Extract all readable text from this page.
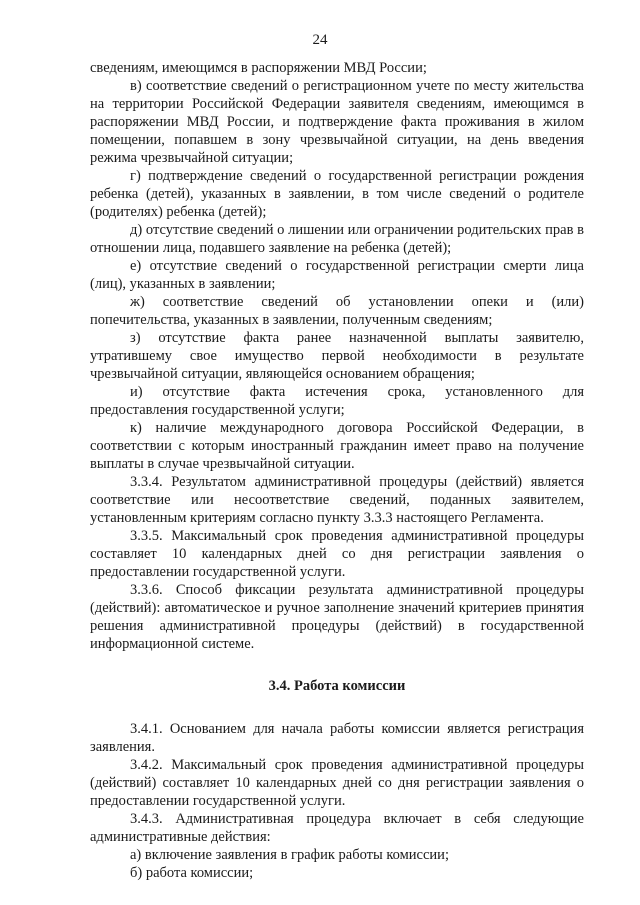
24

сведениям, имеющимся в распоряжении МВД России;

в) соответствие сведений о регистрационном учете по месту жительства на территории Российской Федерации заявителя сведениям, имеющимся в распоряжении МВД России, и подтверждение факта проживания в жилом помещении, попавшем в зону чрезвычайной ситуации, на день введения режима чрезвычайной ситуации;

г) подтверждение сведений о государственной регистрации рождения ребенка (детей), указанных в заявлении, в том числе сведений о родителе (родителях) ребенка (детей);

д) отсутствие сведений о лишении или ограничении родительских прав в отношении лица, подавшего заявление на ребенка (детей);

е) отсутствие сведений о государственной регистрации смерти лица (лиц), указанных в заявлении;

ж) соответствие сведений об установлении опеки и (или) попечительства, указанных в заявлении, полученным сведениям;

з) отсутствие факта ранее назначенной выплаты заявителю, утратившему свое имущество первой необходимости в результате чрезвычайной ситуации, являющейся основанием обращения;

и) отсутствие факта истечения срока, установленного для предоставления государственной услуги;

к) наличие международного договора Российской Федерации, в соответствии с которым иностранный гражданин имеет право на получение выплаты в случае чрезвычайной ситуации.

3.3.4. Результатом административной процедуры (действий) является соответствие или несоответствие сведений, поданных заявителем, установленным критериям согласно пункту 3.3.3 настоящего Регламента.

3.3.5. Максимальный срок проведения административной процедуры составляет 10 календарных дней со дня регистрации заявления о предоставлении государственной услуги.

3.3.6. Способ фиксации результата административной процедуры (действий): автоматическое и ручное заполнение значений критериев принятия решения административной процедуры (действий) в государственной информационной системе.

3.4. Работа комиссии

3.4.1. Основанием для начала работы комиссии является регистрация заявления.

3.4.2. Максимальный срок проведения административной процедуры (действий) составляет 10 календарных дней со дня регистрации заявления о предоставлении государственной услуги.

3.4.3. Административная процедура включает в себя следующие административные действия:

а) включение заявления в график работы комиссии;

б) работа комиссии;
